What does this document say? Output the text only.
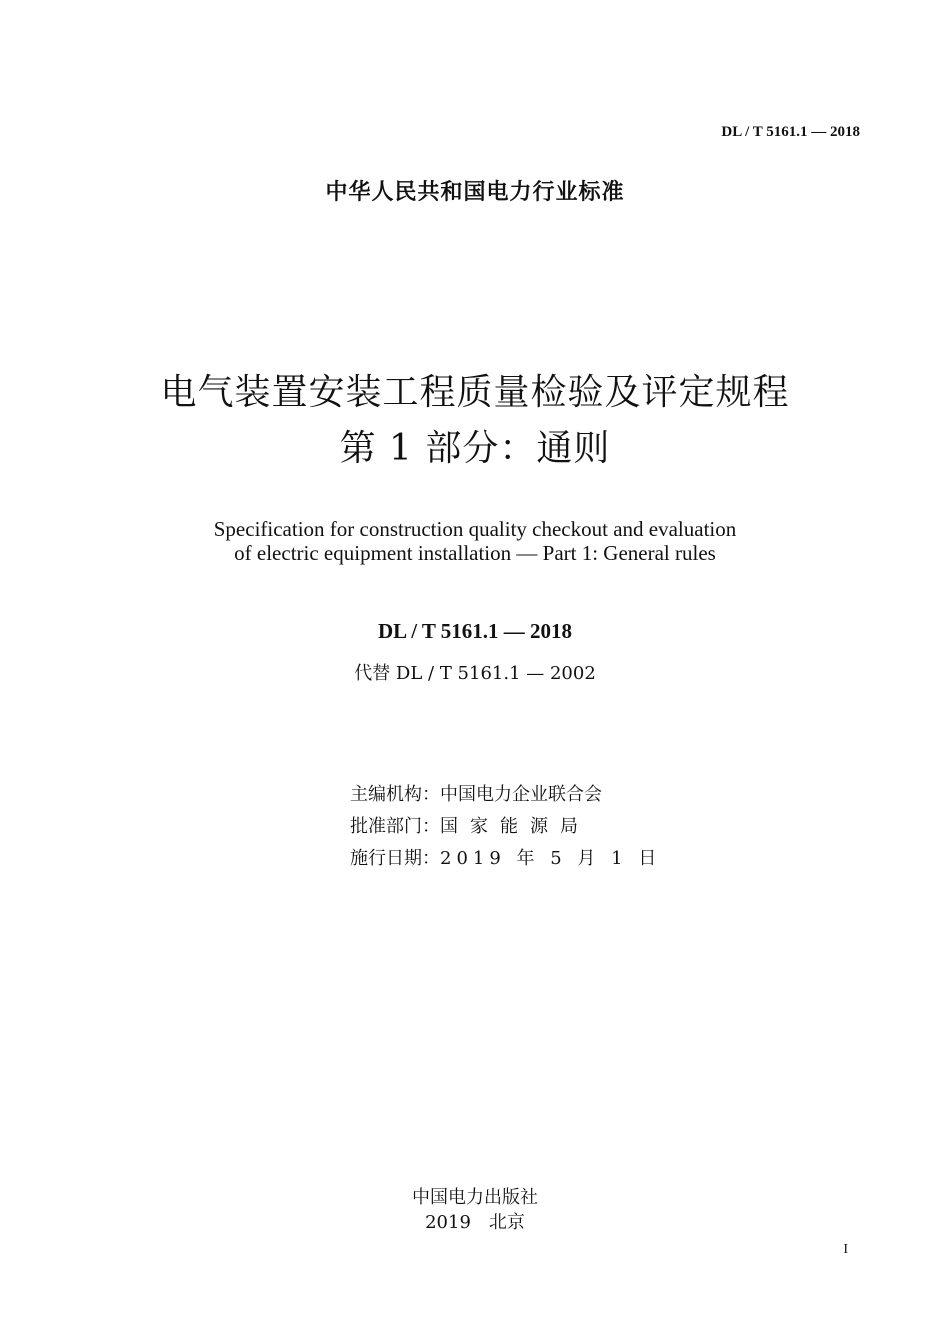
DL / T 5161.1 — 2018
中华人民共和国电力行业标准
电气装置安装工程质量检验及评定规程
第 1 部分：通则
Specification for construction quality checkout and evaluation
of electric equipment installation — Part 1: General rules
DL / T 5161.1 — 2018
代替 DL / T 5161.1 — 2002
主编机构：中国电力企业联合会
批准部门：国家能源局
施行日期：2019 年 5 月 1 日
中国电力出版社
2019　北京
I
